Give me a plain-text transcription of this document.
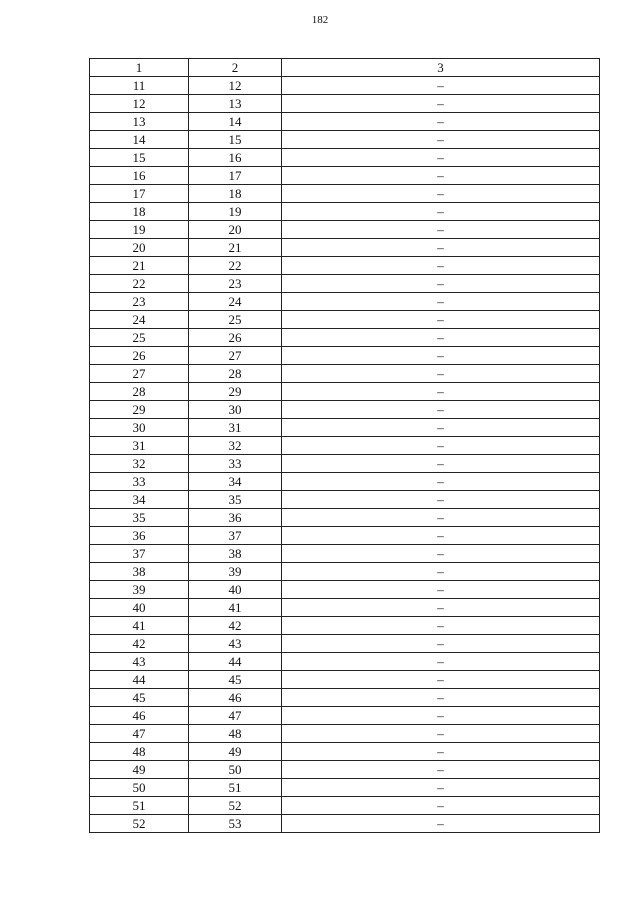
182
1	2	3
11	12	–
12	13	–
13	14	–
14	15	–
15	16	–
16	17	–
17	18	–
18	19	–
19	20	–
20	21	–
21	22	–
22	23	–
23	24	–
24	25	–
25	26	–
26	27	–
27	28	–
28	29	–
29	30	–
30	31	–
31	32	–
32	33	–
33	34	–
34	35	–
35	36	–
36	37	–
37	38	–
38	39	–
39	40	–
40	41	–
41	42	–
42	43	–
43	44	–
44	45	–
45	46	–
46	47	–
47	48	–
48	49	–
49	50	–
50	51	–
51	52	–
52	53	–
